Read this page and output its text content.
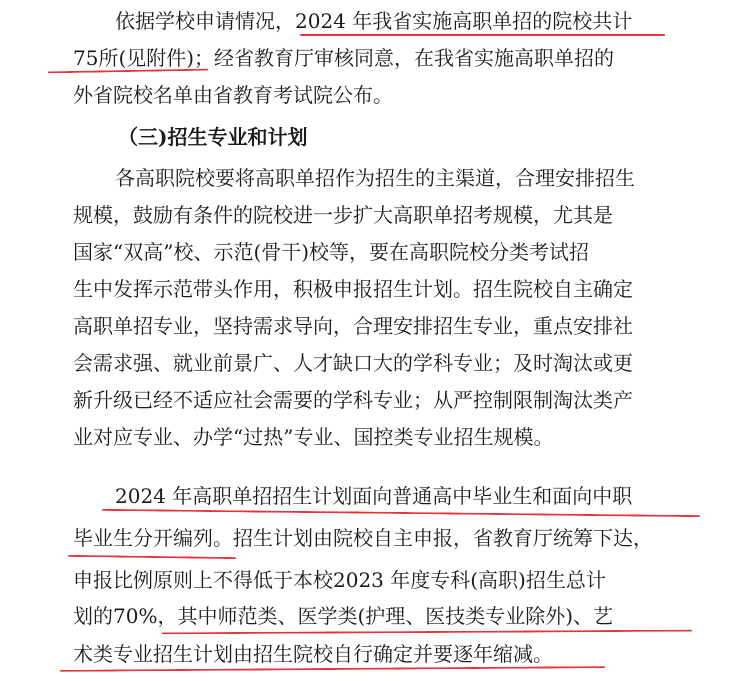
依据学校申请情况，2024 年我省实施高职单招的院校共计
75所(见附件)；经省教育厅审核同意，在我省实施高职单招的
外省院校名单由省教育考试院公布。
（三)招生专业和计划
各高职院校要将高职单招作为招生的主渠道，合理安排招生
规模，鼓励有条件的院校进一步扩大高职单招考规模，尤其是
国家“双高”校、示范(骨干)校等，要在高职院校分类考试招
生中发挥示范带头作用，积极申报招生计划。招生院校自主确定
高职单招专业，坚持需求导向，合理安排招生专业，重点安排社
会需求强、就业前景广、人才缺口大的学科专业；及时淘汰或更
新升级已经不适应社会需要的学科专业；从严控制限制淘汰类产
业对应专业、办学“过热”专业、国控类专业招生规模。
2024 年高职单招招生计划面向普通高中毕业生和面向中职
毕业生分开编列。招生计划由院校自主申报，省教育厅统筹下达，
申报比例原则上不得低于本校2023 年度专科(高职)招生总计
划的70%，其中师范类、医学类(护理、医技类专业除外)、艺
术类专业招生计划由招生院校自行确定并要逐年缩减。
